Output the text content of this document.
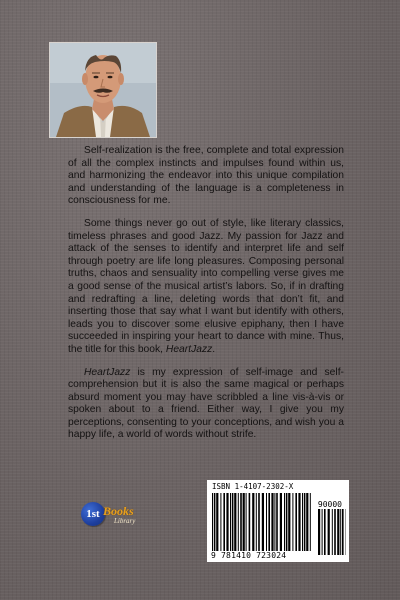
Self-realization is the free, complete and total expression of all the complex instincts and impulses found within us, and harmonizing the endeavor into this unique compilation and understanding of the language is a completeness in consciousness for me.

Some things never go out of style, like literary classics, timeless phrases and good Jazz. My passion for Jazz and attack of the senses to identify and interpret life and self through poetry are life long pleasures. Composing personal truths, chaos and sensuality into compelling verse gives me a good sense of the musical artist’s labors. So, if in drafting and redrafting a line, deleting words that don’t fit, and inserting those that say what I want but identify with others, leads you to discover some elusive epiphany, then I have succeeded in inspiring your heart to dance with mine. Thus, the title for this book, HeartJazz.

HeartJazz is my expression of self-image and self-comprehension but it is also the same magical or perhaps absurd moment you may have scribbled a line vis-à-vis or spoken about to a friend. Either way, I give you my perceptions, consenting to your conceptions, and wish you a happy life, a world of words without strife.

1st Books
Library
ISBN 1-4107-2302-X
90000
9 781410 723024
